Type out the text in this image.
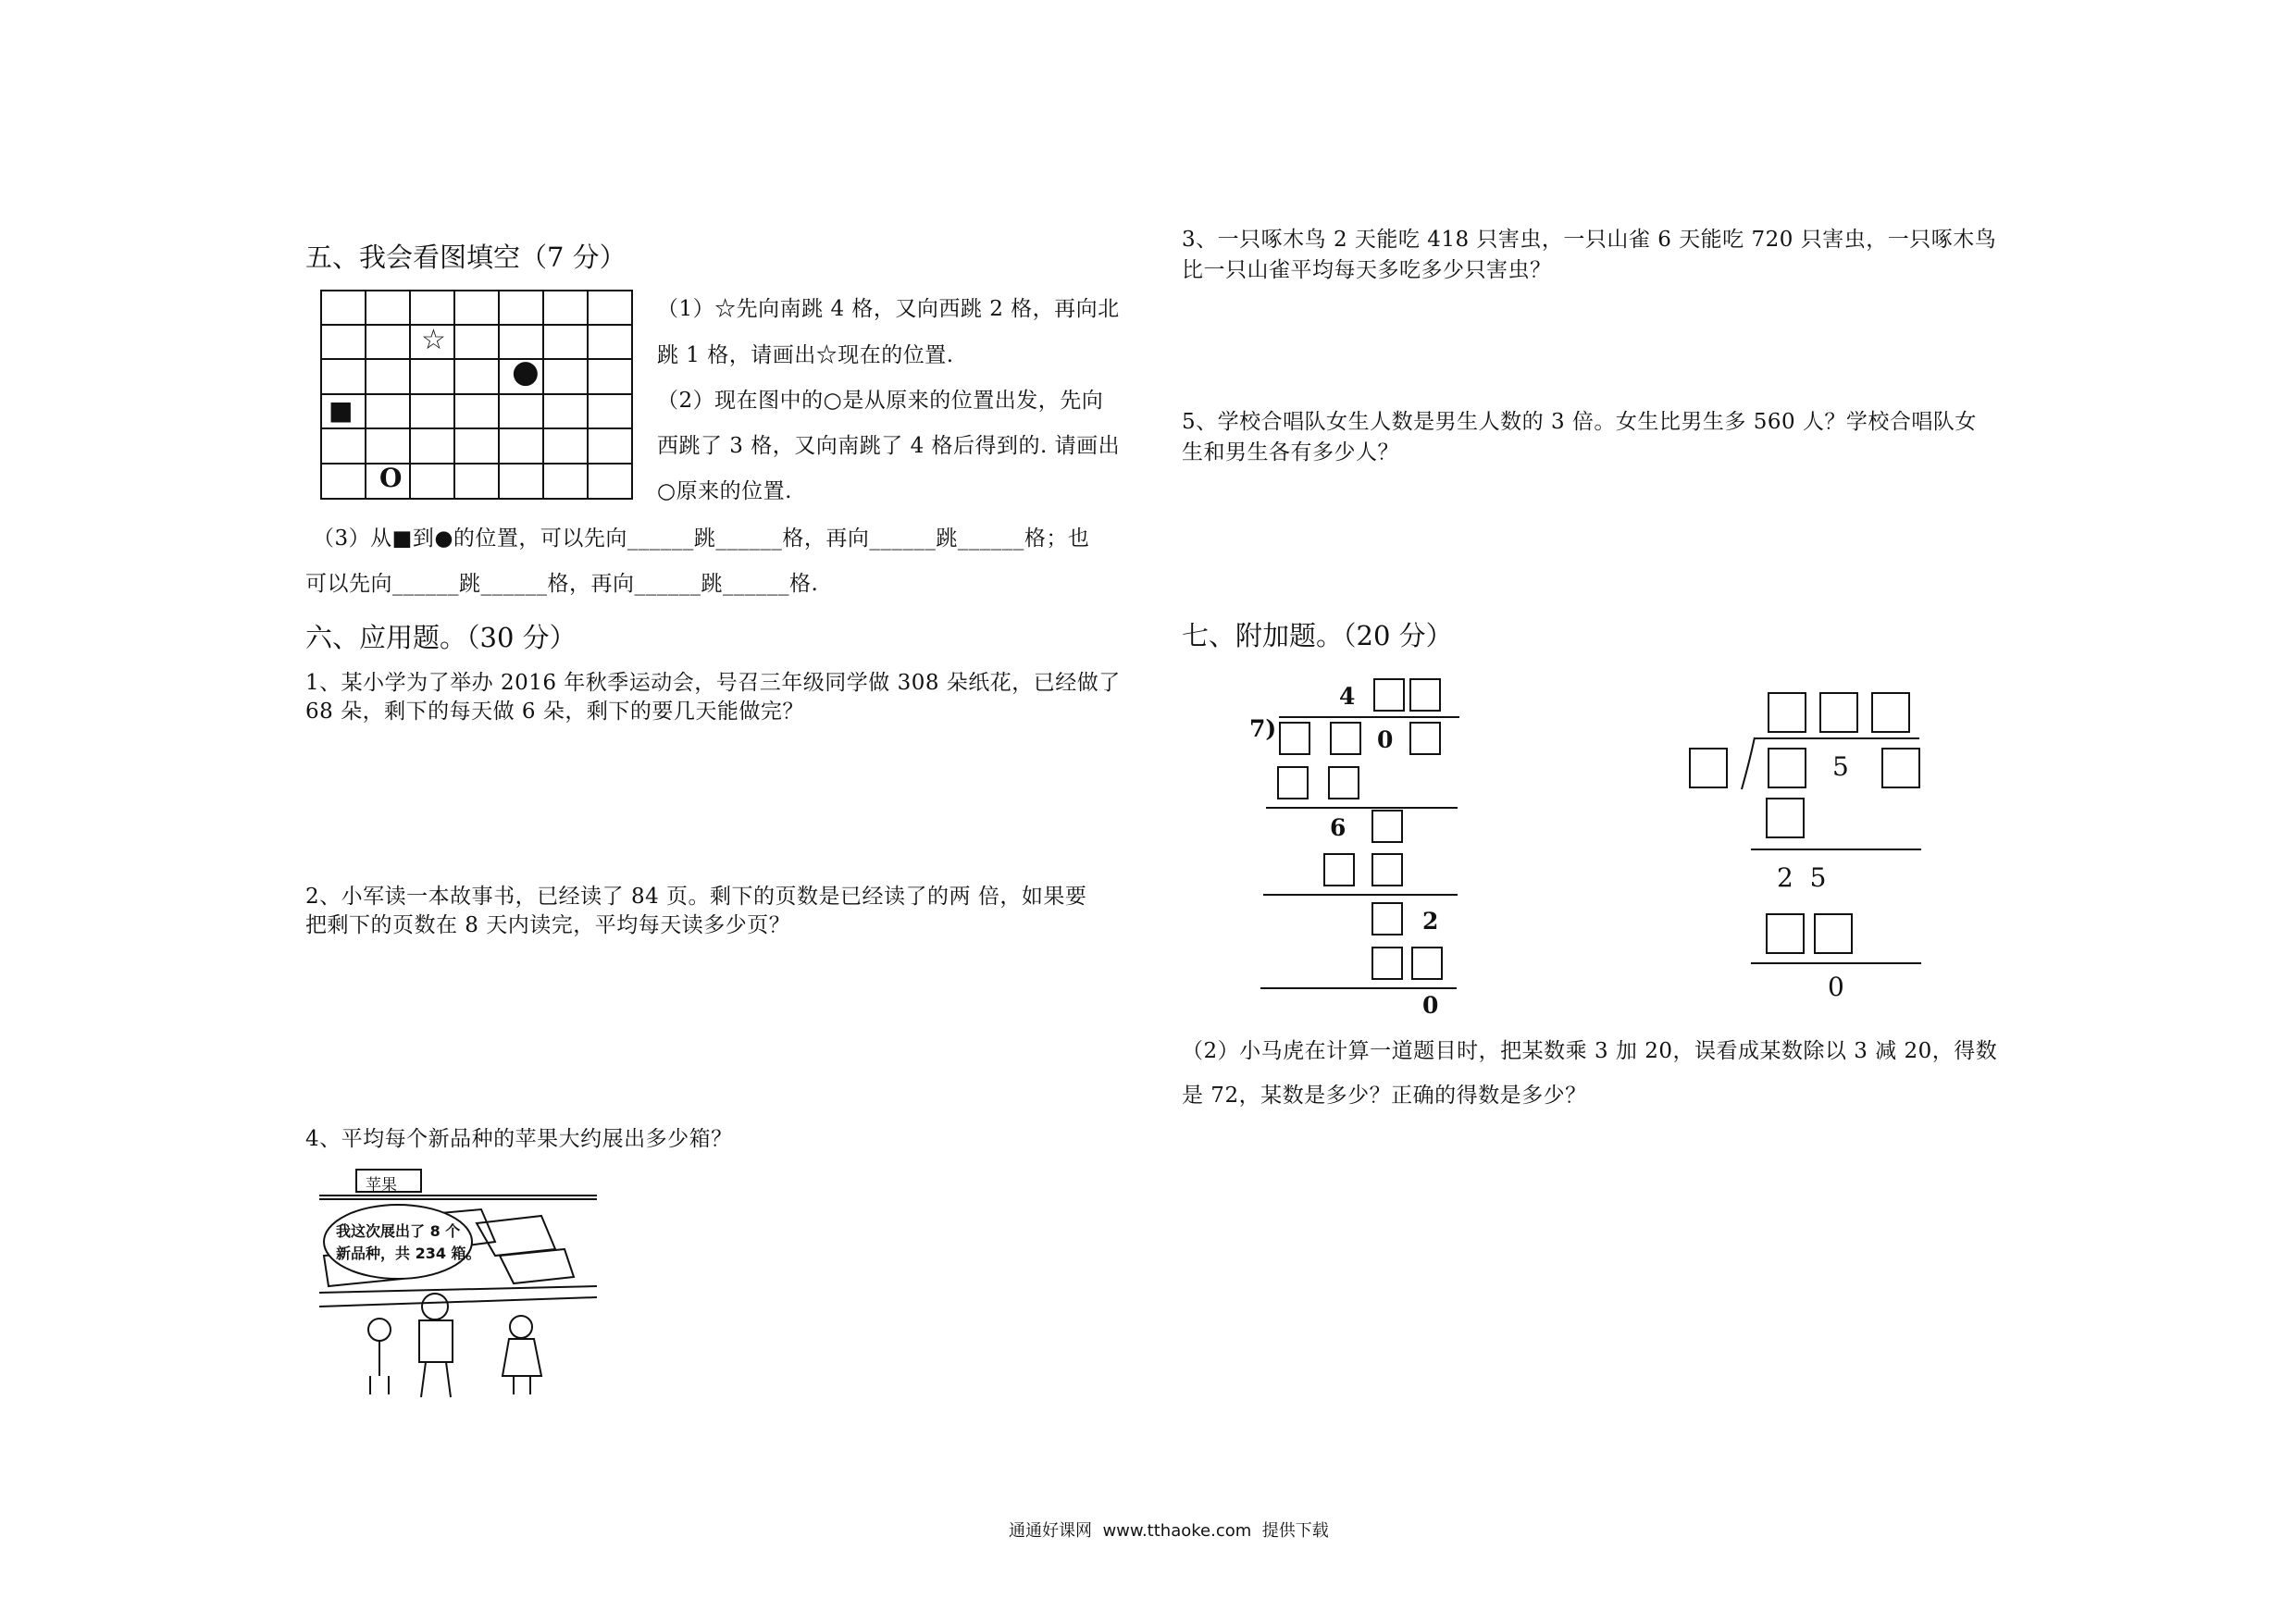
五、我会看图填空（7 分）
☆
●
■
O
（1）☆先向南跳 4 格，又向西跳 2 格，再向北
跳 1 格，请画出☆现在的位置.
（2）现在图中的○是从原来的位置出发，先向
西跳了 3 格，又向南跳了 4 格后得到的. 请画出
○原来的位置.
（3）从■到●的位置，可以先向______跳______格，再向______跳______格；也
可以先向______跳______格，再向______跳______格.
六、应用题。（30 分）
1、某小学为了举办 2016 年秋季运动会，号召三年级同学做 308 朵纸花，已经做了
68 朵，剩下的每天做 6 朵，剩下的要几天能做完？
2、小军读一本故事书，已经读了 84 页。剩下的页数是已经读了的两 倍，如果要
把剩下的页数在 8 天内读完，平均每天读多少页？
4、平均每个新品种的苹果大约展出多少箱？
苹果
我这次展出了 8 个
新品种，共 234 箱。
3、一只啄木鸟 2 天能吃 418 只害虫，一只山雀 6 天能吃 720 只害虫，一只啄木鸟
比一只山雀平均每天多吃多少只害虫？
5、学校合唱队女生人数是男生人数的 3 倍。女生比男生多 560 人？学校合唱队女
生和男生各有多少人？
七、附加题。（20 分）
4
7)	0
6
2
0
5
2  5
0
（2）小马虎在计算一道题目时，把某数乘 3 加 20，误看成某数除以 3 减 20，得数
是 72，某数是多少？正确的得数是多少？
通通好课网  www.tthaoke.com  提供下载
